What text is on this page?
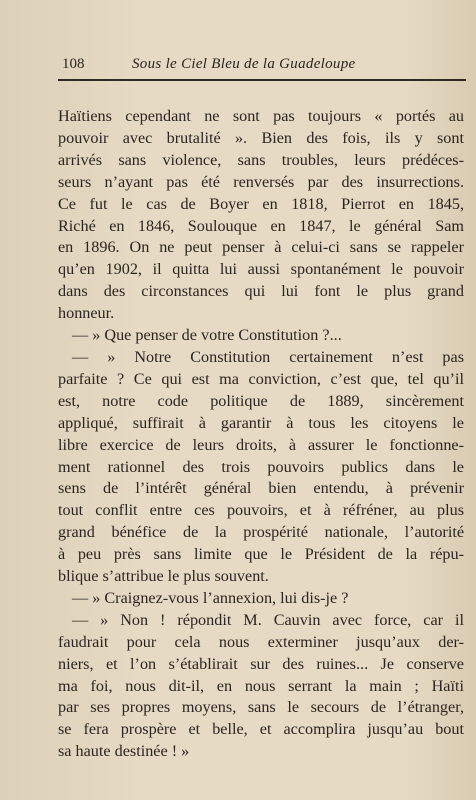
108	Sous le Ciel Bleu de la Guadeloupe
Haïtiens cependant ne sont pas toujours « portés au
pouvoir avec brutalité ». Bien des fois, ils y sont
arrivés sans violence, sans troubles, leurs prédéces-
seurs n’ayant pas été renversés par des insurrections.
Ce fut le cas de Boyer en 1818, Pierrot en 1845,
Riché en 1846, Soulouque en 1847, le général Sam
en 1896. On ne peut penser à celui-ci sans se rappeler
qu’en 1902, il quitta lui aussi spontanément le pouvoir
dans des circonstances qui lui font le plus grand
honneur.
— » Que penser de votre Constitution ?...
— » Notre Constitution certainement n’est pas
parfaite ? Ce qui est ma conviction, c’est que, tel qu’il
est, notre code politique de 1889, sincèrement
appliqué, suffirait à garantir à tous les citoyens le
libre exercice de leurs droits, à assurer le fonctionne-
ment rationnel des trois pouvoirs publics dans le
sens de l’intérêt général bien entendu, à prévenir
tout conflit entre ces pouvoirs, et à réfréner, au plus
grand bénéfice de la prospérité nationale, l’autorité
à peu près sans limite que le Président de la répu-
blique s’attribue le plus souvent.
— » Craignez-vous l’annexion, lui dis-je ?
— » Non ! répondit M. Cauvin avec force, car il
faudrait pour cela nous exterminer jusqu’aux der-
niers, et l’on s’établirait sur des ruines... Je conserve
ma foi, nous dit-il, en nous serrant la main ; Haïti
par ses propres moyens, sans le secours de l’étranger,
se fera prospère et belle, et accomplira jusqu’au bout
sa haute destinée ! »
